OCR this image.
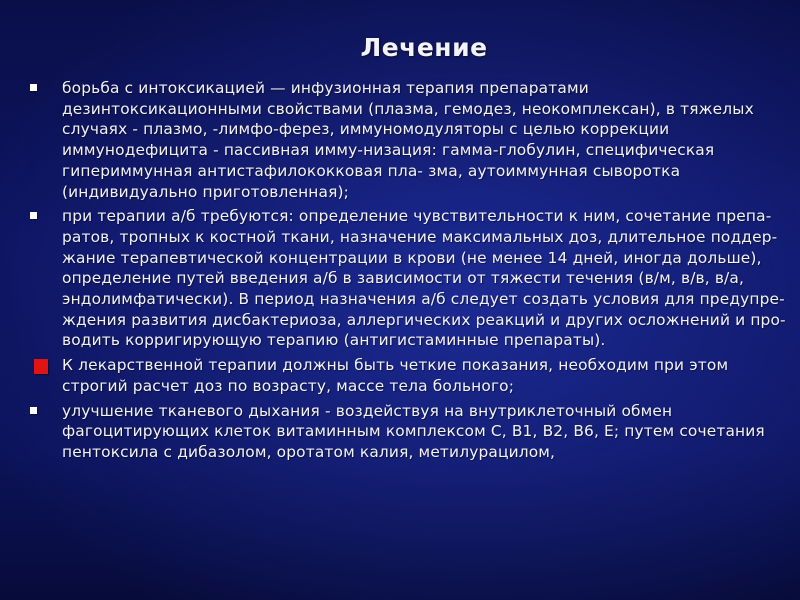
Лечение
борьба с интоксикацией — инфузионная терапия препаратами дезинтоксикационными свойствами (плазма, гемодез, неокомплексан), в тяжелых случаях - плазмо, -лимфо-ферез, иммуномодуляторы с целью коррекции иммунодефицита - пассивная имму-низация: гамма-глобулин, специфическая гипериммунная антистафилококковая пла- зма, аутоиммунная сыворотка (индивидуально приготовленная);
при терапии а/б требуются: определение чувствительности к ним, сочетание препа- ратов, тропных к костной ткани, назначение максимальных доз, длительное поддер-жание терапевтической концентрации в крови (не менее 14 дней, иногда дольше), определение путей введения а/б в зависимости от тяжести течения (в/м, в/в, в/а, эндолимфатически). В период назначения а/б следует создать условия для предупре-ждения развития дисбактериоза, аллергических реакций и других осложнений и про-водить корригирующую терапию (антигистаминные препараты).
К лекарственной терапии должны быть четкие показания, необходим при этом строгий расчет доз по возрасту, массе тела больного;
улучшение тканевого дыхания - воздействуя на внутриклеточный обмен фагоцитирующих клеток витаминным комплексом С, В1, В2, В6, Е; путем сочетания пентоксила с дибазолом, оротатом калия, метилурацилом,
